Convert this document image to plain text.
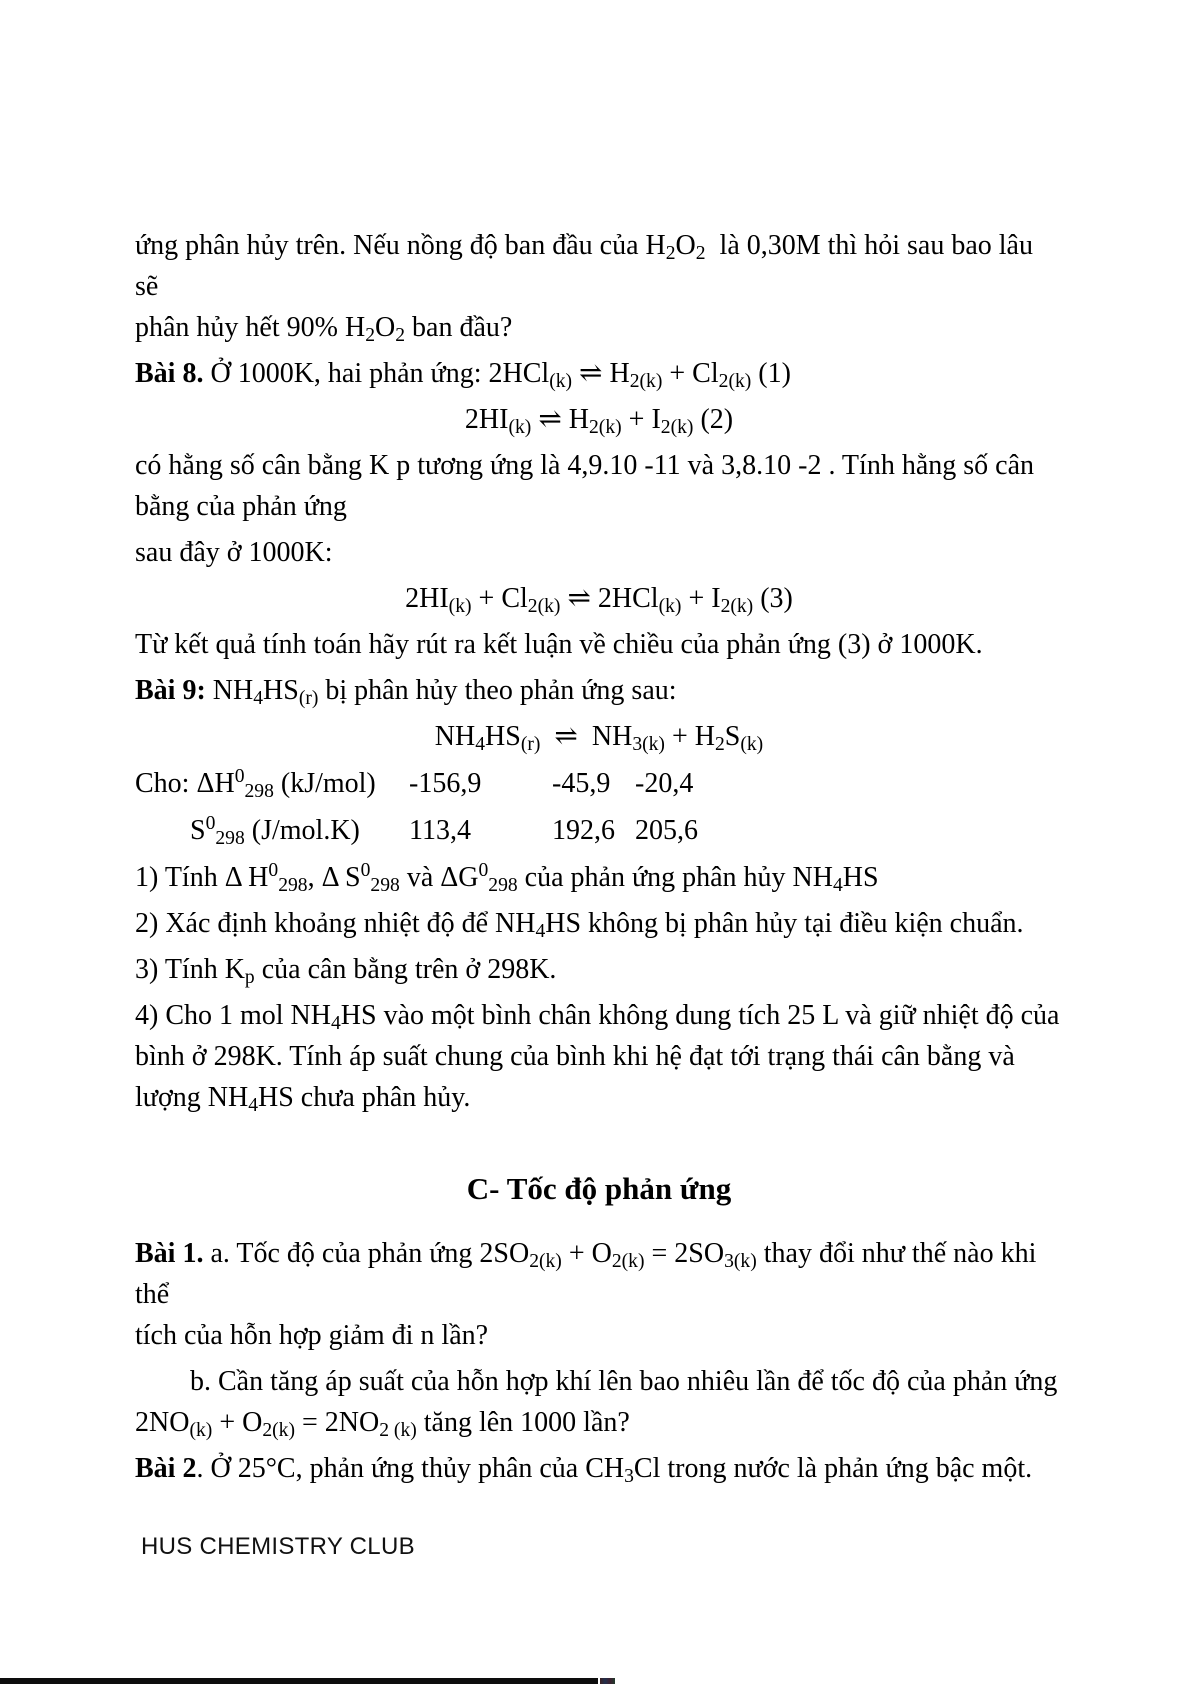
ứng phân hủy trên. Nếu nồng độ ban đầu của $H_2O_2$  là 0,30M thì hỏi sau bao lâu sẽ
phân hủy hết 90% $H_2O_2$ ban đầu?

Bài 8. Ở 1000K, hai phản ứng: 2HCl$_{(k)}$ ⇌ $H_{2(k)} + Cl_{2(k)}$ (1)

$2HI_{(k)}$ ⇌ $H_{2(k)} + I_{2(k)}$ (2)

có hằng số cân bằng K p tương ứng là 4,9.10 -11 và 3,8.10 -2 . Tính hằng số cân
bằng của phản ứng

sau đây ở 1000K:

$2HI_{(k)} + Cl_{2(k)}$ ⇌ $2HCl_{(k)} + I_{2(k)}$ (3)

Từ kết quả tính toán hãy rút ra kết luận về chiều của phản ứng (3) ở 1000K.

Bài 9: $NH_4HS_{(r)}$ bị phân hủy theo phản ứng sau:

$NH_4HS_{(r)}$  ⇌  $NH_{3(k)} + H_2S_{(k)}$

Cho: $\Delta H^0_{298}$ (kJ/mol) -156,9	-45,9 -20,4
$S^0_{298}$ (J/mol.K) 113,4	192,6 205,6

1) Tính Δ $H^0_{298}$, Δ $S^0_{298}$ và $\Delta G^0_{298}$ của phản ứng phân hủy $NH_4HS$

2) Xác định khoảng nhiệt độ để $NH_4HS$ không bị phân hủy tại điều kiện chuẩn.

3) Tính $K_p$ của cân bằng trên ở 298K.

4) Cho 1 mol $NH_4HS$ vào một bình chân không dung tích 25 L và giữ nhiệt độ của
bình ở 298K. Tính áp suất chung của bình khi hệ đạt tới trạng thái cân bằng và
lượng $NH_4HS$ chưa phân hủy.

C- Tốc độ phản ứng

Bài 1. a. Tốc độ của phản ứng $2SO_{2(k)} + O_{2(k)} = 2SO_{3(k)}$ thay đổi như thế nào khi thể
tích của hỗn hợp giảm đi n lần?

b. Cần tăng áp suất của hỗn hợp khí lên bao nhiêu lần để tốc độ của phản ứng
$2NO_{(k)} + O_{2(k)} = 2NO_{2 (k)}$ tăng lên 1000 lần?

Bài 2. Ở 25°C, phản ứng thủy phân của $CH_3Cl$ trong nước là phản ứng bậc một.

HUS CHEMISTRY CLUB
